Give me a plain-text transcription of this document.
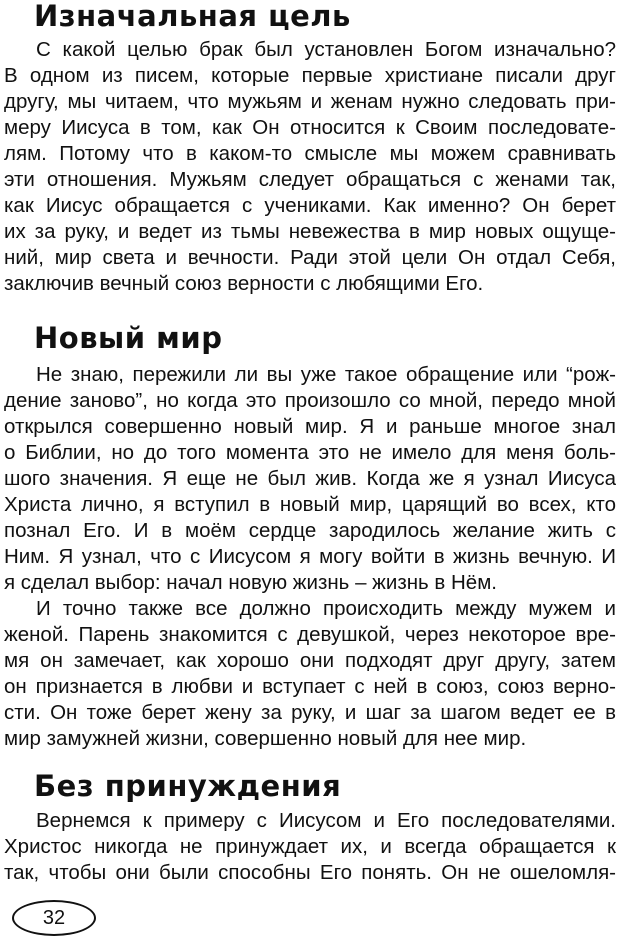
Изначальная цель
С какой целью брак был установлен Богом изначально?
В одном из писем, которые первые христиане писали друг
другу, мы читаем, что мужьям и женам нужно следовать при-
меру Иисуса в том, как Он относится к Своим последовате-
лям. Потому что в каком-то смысле мы можем сравнивать
эти отношения. Мужьям следует обращаться с женами так,
как Иисус обращается с учениками. Как именно? Он берет
их за руку, и ведет из тьмы невежества в мир новых ощуще-
ний, мир света и вечности. Ради этой цели Он отдал Себя,
заключив вечный союз верности с любящими Его.
Новый мир
Не знаю, пережили ли вы уже такое обращение или “рож-
дение заново”, но когда это произошло со мной, передо мной
открылся совершенно новый мир. Я и раньше многое знал
о Библии, но до того момента это не имело для меня боль-
шого значения. Я еще не был жив. Когда же я узнал Иисуса
Христа лично, я вступил в новый мир, царящий во всех, кто
познал Его. И в моём сердце зародилось желание жить с
Ним. Я узнал, что с Иисусом я могу войти в жизнь вечную. И
я сделал выбор: начал новую жизнь – жизнь в Нём.
И точно также все должно происходить между мужем и
женой. Парень знакомится с девушкой, через некоторое вре-
мя он замечает, как хорошо они подходят друг другу, затем
он признается в любви и вступает с ней в союз, союз верно-
сти. Он тоже берет жену за руку, и шаг за шагом ведет ее в
мир замужней жизни, совершенно новый для нее мир.
Без принуждения
Вернемся к примеру с Иисусом и Его последователями.
Христос никогда не принуждает их, и всегда обращается к
так, чтобы они были способны Его понять. Он не ошеломля-
32
